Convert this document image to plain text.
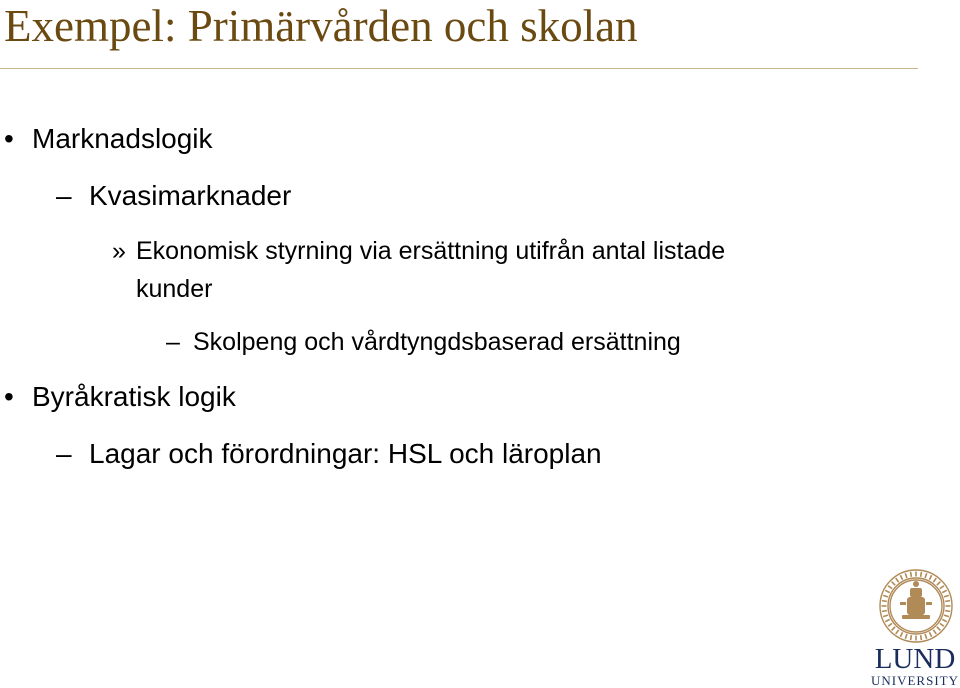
Exempel: Primärvården och skolan
• Marknadslogik
– Kvasimarknader
» Ekonomisk styrning via ersättning utifrån antal listade
kunder
– Skolpeng och vårdtyngdsbaserad ersättning
• Byråkratisk logik
– Lagar och förordningar: HSL och läroplan
LUND
UNIVERSITY
